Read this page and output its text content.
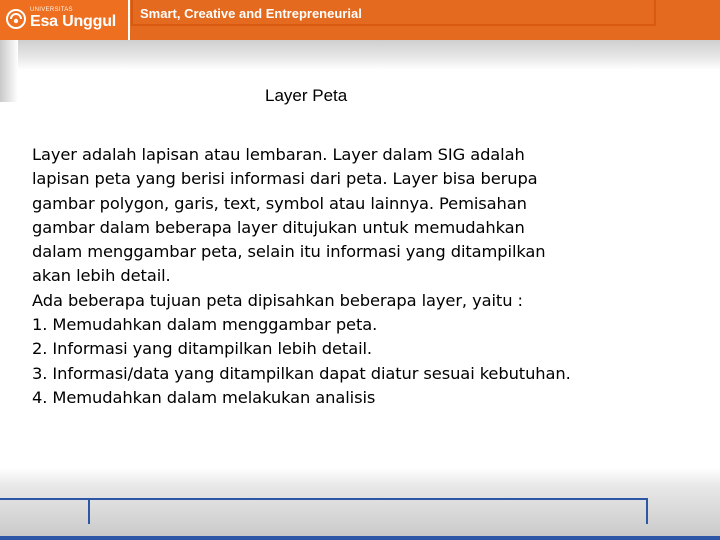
UNIVERSITAS
Esa Unggul Smart, Creative and Entrepreneurial
Layer Peta
Layer adalah lapisan atau lembaran. Layer dalam SIG adalah
lapisan peta yang berisi informasi dari peta. Layer bisa berupa
gambar polygon, garis, text, symbol atau lainnya. Pemisahan
gambar dalam beberapa layer ditujukan untuk memudahkan
dalam menggambar peta, selain itu informasi yang ditampilkan
akan lebih detail.
Ada beberapa tujuan peta dipisahkan beberapa layer, yaitu :
1. Memudahkan dalam menggambar peta.
2. Informasi yang ditampilkan lebih detail.
3. Informasi/data yang ditampilkan dapat diatur sesuai kebutuhan.
4. Memudahkan dalam melakukan analisis
